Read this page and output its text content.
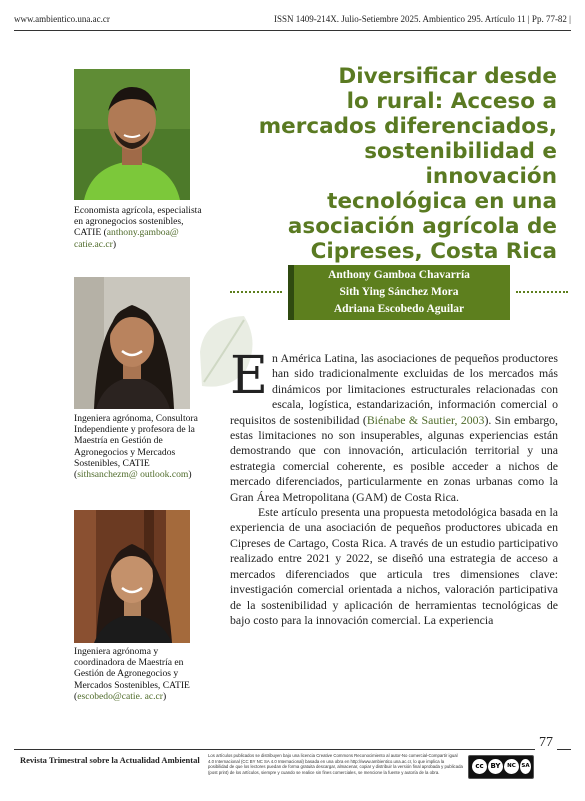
www.ambientico.una.ac.cr	ISSN 1409-214X. Julio-Setiembre 2025. Ambientico 295. Artículo 11 | Pp. 77-82 |
Economista agrícola, especialista en agronegocios sostenibles, CATIE (anthony.gamboa@ catie.ac.cr)
Ingeniera agrónoma, Consultora Independiente y profesora de la Maestría en Gestión de Agronegocios y Mercados Sostenibles, CATIE (sithsanchezm@ outlook.com)
Ingeniera agrónoma y coordinadora de Maestría en Gestión de Agronegocios y Mercados Sostenibles, CATIE (escobedo@catie. ac.cr)
Diversificar desde
lo rural: Acceso a
mercados diferenciados,
sostenibilidad e innovación
tecnológica en una
asociación agrícola de
Cipreses, Costa Rica
Anthony Gamboa Chavarría
Sith Ying Sánchez Mora
Adriana Escobedo Aguilar

En América Latina, las asociaciones de pequeños productores han sido tradicionalmente excluidas de los mercados más dinámicos por limitaciones estructurales relacionadas con escala, logística, estandarización, información comercial o requisitos de sostenibilidad (Biénabe & Sautier, 2003). Sin embargo, estas limitaciones no son insuperables, algunas experiencias están demostrando que con innovación, articulación territorial y una estrategia comercial coherente, es posible acceder a nichos de mercado diferenciados, particularmente en zonas urbanas como la Gran Área Metropolitana (GAM) de Costa Rica.

Este artículo presenta una propuesta metodológica basada en la experiencia de una asociación de pequeños productores ubicada en Cipreses de Cartago, Costa Rica. A través de un estudio participativo realizado entre 2021 y 2022, se diseñó una estrategia de acceso a mercados diferenciados que articula tres dimensiones clave: investigación comercial orientada a nichos, valoración participativa de la sostenibilidad y aplicación de herramientas tecnológicas de bajo costo para la innovación comercial. La experiencia

77
Revista Trimestral sobre la Actualidad Ambiental Los artículos publicados se distribuyen bajo una licencia Creative Commons Reconocimiento al autor-No comercial-Compartir igual 4.0 Internacional (CC BY NC SA 4.0 Internacional) basada en una obra en http://www.ambientico.una.ac.cr, lo que implica la posibilidad de que los lectores puedan de forma gratuita descargar, almacenar, copiar y distribuir la versión final aprobada y publicada (post print) de los artículos, siempre y cuando se realice sin fines comerciales, se mencione la fuente y autoría de la obra.
cc BY	NC	SA
